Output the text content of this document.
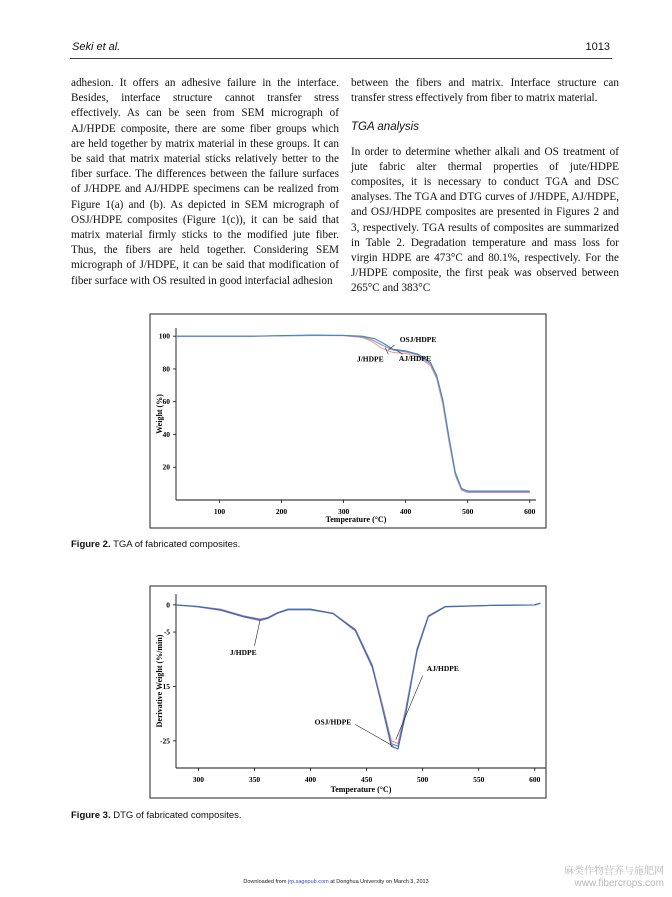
Seki et al.	1013

adhesion. It offers an adhesive failure in the interface. Besides, interface structure cannot transfer stress effectively. As can be seen from SEM micrograph of AJ/HPDE composite, there are some fiber groups which are held together by matrix material in these groups. It can be said that matrix material sticks relatively better to the fiber surface. The differences between the failure surfaces of J/HDPE and AJ/HDPE specimens can be realized from Figure 1(a) and (b). As depicted in SEM micrograph of OSJ/HDPE composites (Figure 1(c)), it can be said that matrix material firmly sticks to the modified jute fiber. Thus, the fibers are held together. Considering SEM micrograph of J/HDPE, it can be said that modification of fiber surface with OS resulted in good interfacial adhesion

between the fibers and matrix. Interface structure can transfer stress effectively from fiber to matrix material.

TGA analysis

In order to determine whether alkali and OS treatment of jute fabric alter thermal properties of jute/HDPE composites, it is necessary to conduct TGA and DSC analyses. The TGA and DTG curves of J/HDPE, AJ/HDPE, and OSJ/HDPE composites are presented in Figures 2 and 3, respectively. TGA results of composites are summarized in Table 2. Degradation temperature and mass loss for virgin HDPE are 473°C and 80.1%, respectively. For the J/HDPE composite, the first peak was observed between 265°C and 383°C

100	200	300	400	500	600
20
40
60
80
100
Temperature (°C)
Weight (%)
OSJ/HDPE
J/HDPE AJ/HDPE
Figure 2. TGA of fabricated composites.
300	350	400	450	500	550	600
0
-5
15
-25
Temperature (°C)
Derivative Weight (%/min)	J/HDPE
AJ/HDPE
OSJ/HDPE
Figure 3. DTG of fabricated composites.
Downloaded from jrp.sagepub.com at Donghua University on March 3, 2013
麻类作物营养与施肥网
www.fibercrops.com
